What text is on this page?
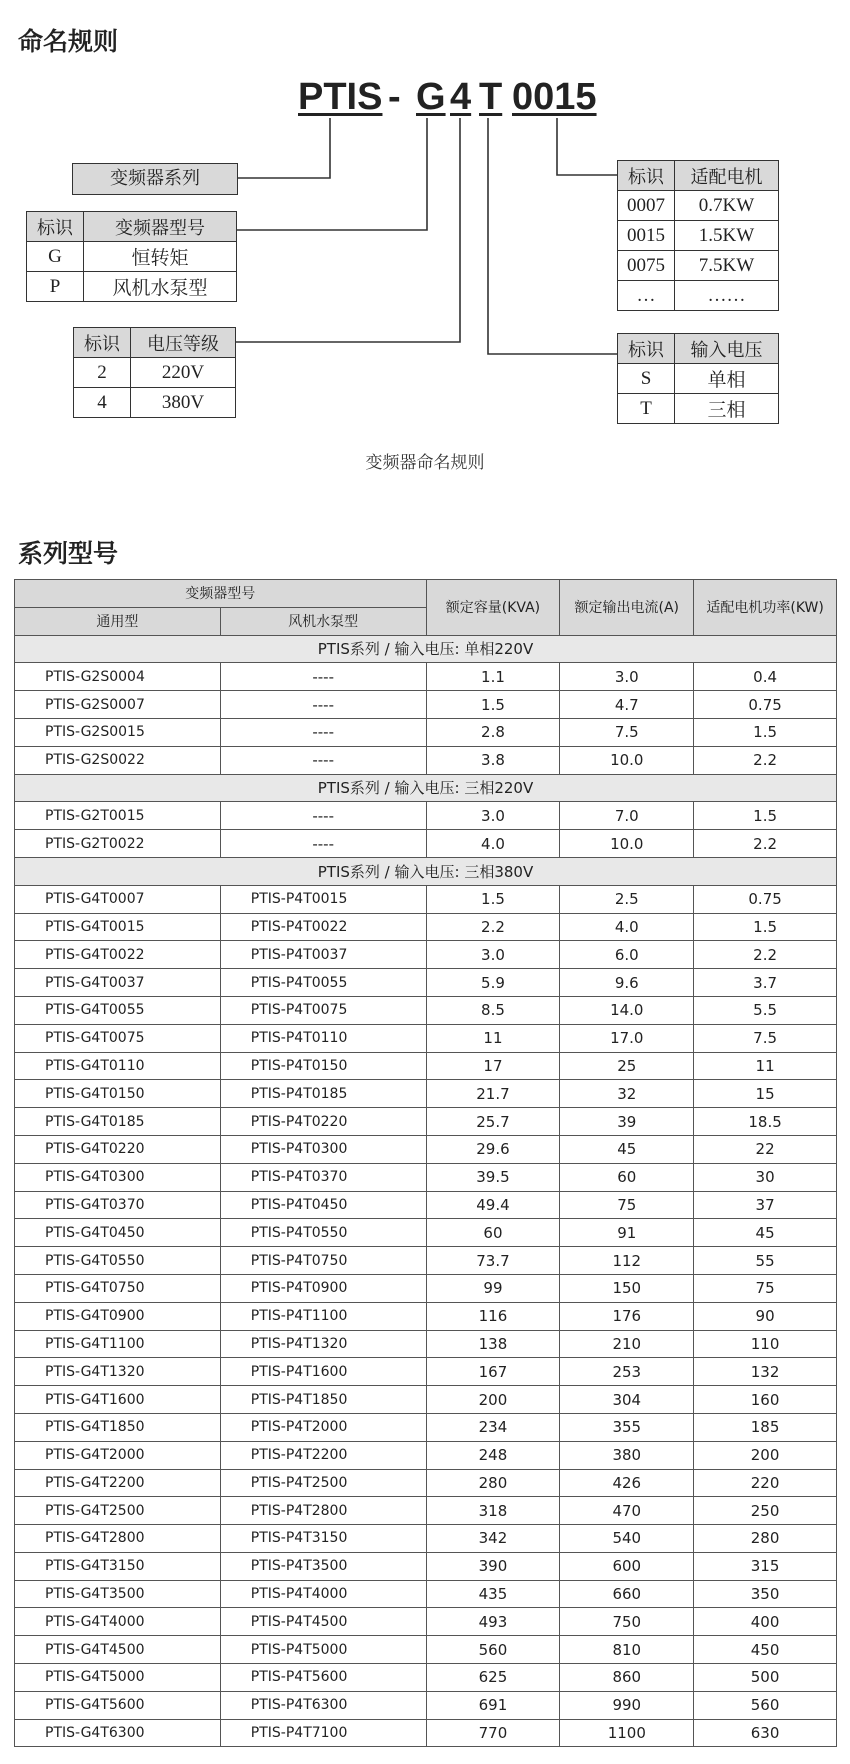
命名规则
PTIS - G 4 T 0015
变频器系列
标识	变频器型号
G	恒转矩
P	风机水泵型
标识	电压等级
2	220V
4	380V
标识	适配电机
0007	0.7KW
0015	1.5KW
0075	7.5KW
…	……
标识	输入电压
S	单相
T	三相
变频器命名规则
系列型号
变频器型号		额定容量(KVA)	额定输出电流(A)	适配电机功率(KW)
通用型	风机水泵型			
PTIS系列 / 输入电压: 单相220V				
PTIS-G2S0004	----	1.1	3.0	0.4
PTIS-G2S0007	----	1.5	4.7	0.75
PTIS-G2S0015	----	2.8	7.5	1.5
PTIS-G2S0022	----	3.8	10.0	2.2
PTIS系列 / 输入电压: 三相220V				
PTIS-G2T0015	----	3.0	7.0	1.5
PTIS-G2T0022	----	4.0	10.0	2.2
PTIS系列 / 输入电压: 三相380V				
PTIS-G4T0007	PTIS-P4T0015	1.5	2.5	0.75
PTIS-G4T0015	PTIS-P4T0022	2.2	4.0	1.5
PTIS-G4T0022	PTIS-P4T0037	3.0	6.0	2.2
PTIS-G4T0037	PTIS-P4T0055	5.9	9.6	3.7
PTIS-G4T0055	PTIS-P4T0075	8.5	14.0	5.5
PTIS-G4T0075	PTIS-P4T0110	11	17.0	7.5
PTIS-G4T0110	PTIS-P4T0150	17	25	11
PTIS-G4T0150	PTIS-P4T0185	21.7	32	15
PTIS-G4T0185	PTIS-P4T0220	25.7	39	18.5
PTIS-G4T0220	PTIS-P4T0300	29.6	45	22
PTIS-G4T0300	PTIS-P4T0370	39.5	60	30
PTIS-G4T0370	PTIS-P4T0450	49.4	75	37
PTIS-G4T0450	PTIS-P4T0550	60	91	45
PTIS-G4T0550	PTIS-P4T0750	73.7	112	55
PTIS-G4T0750	PTIS-P4T0900	99	150	75
PTIS-G4T0900	PTIS-P4T1100	116	176	90
PTIS-G4T1100	PTIS-P4T1320	138	210	110
PTIS-G4T1320	PTIS-P4T1600	167	253	132
PTIS-G4T1600	PTIS-P4T1850	200	304	160
PTIS-G4T1850	PTIS-P4T2000	234	355	185
PTIS-G4T2000	PTIS-P4T2200	248	380	200
PTIS-G4T2200	PTIS-P4T2500	280	426	220
PTIS-G4T2500	PTIS-P4T2800	318	470	250
PTIS-G4T2800	PTIS-P4T3150	342	540	280
PTIS-G4T3150	PTIS-P4T3500	390	600	315
PTIS-G4T3500	PTIS-P4T4000	435	660	350
PTIS-G4T4000	PTIS-P4T4500	493	750	400
PTIS-G4T4500	PTIS-P4T5000	560	810	450
PTIS-G4T5000	PTIS-P4T5600	625	860	500
PTIS-G4T5600	PTIS-P4T6300	691	990	560
PTIS-G4T6300	PTIS-P4T7100	770	1100	630
